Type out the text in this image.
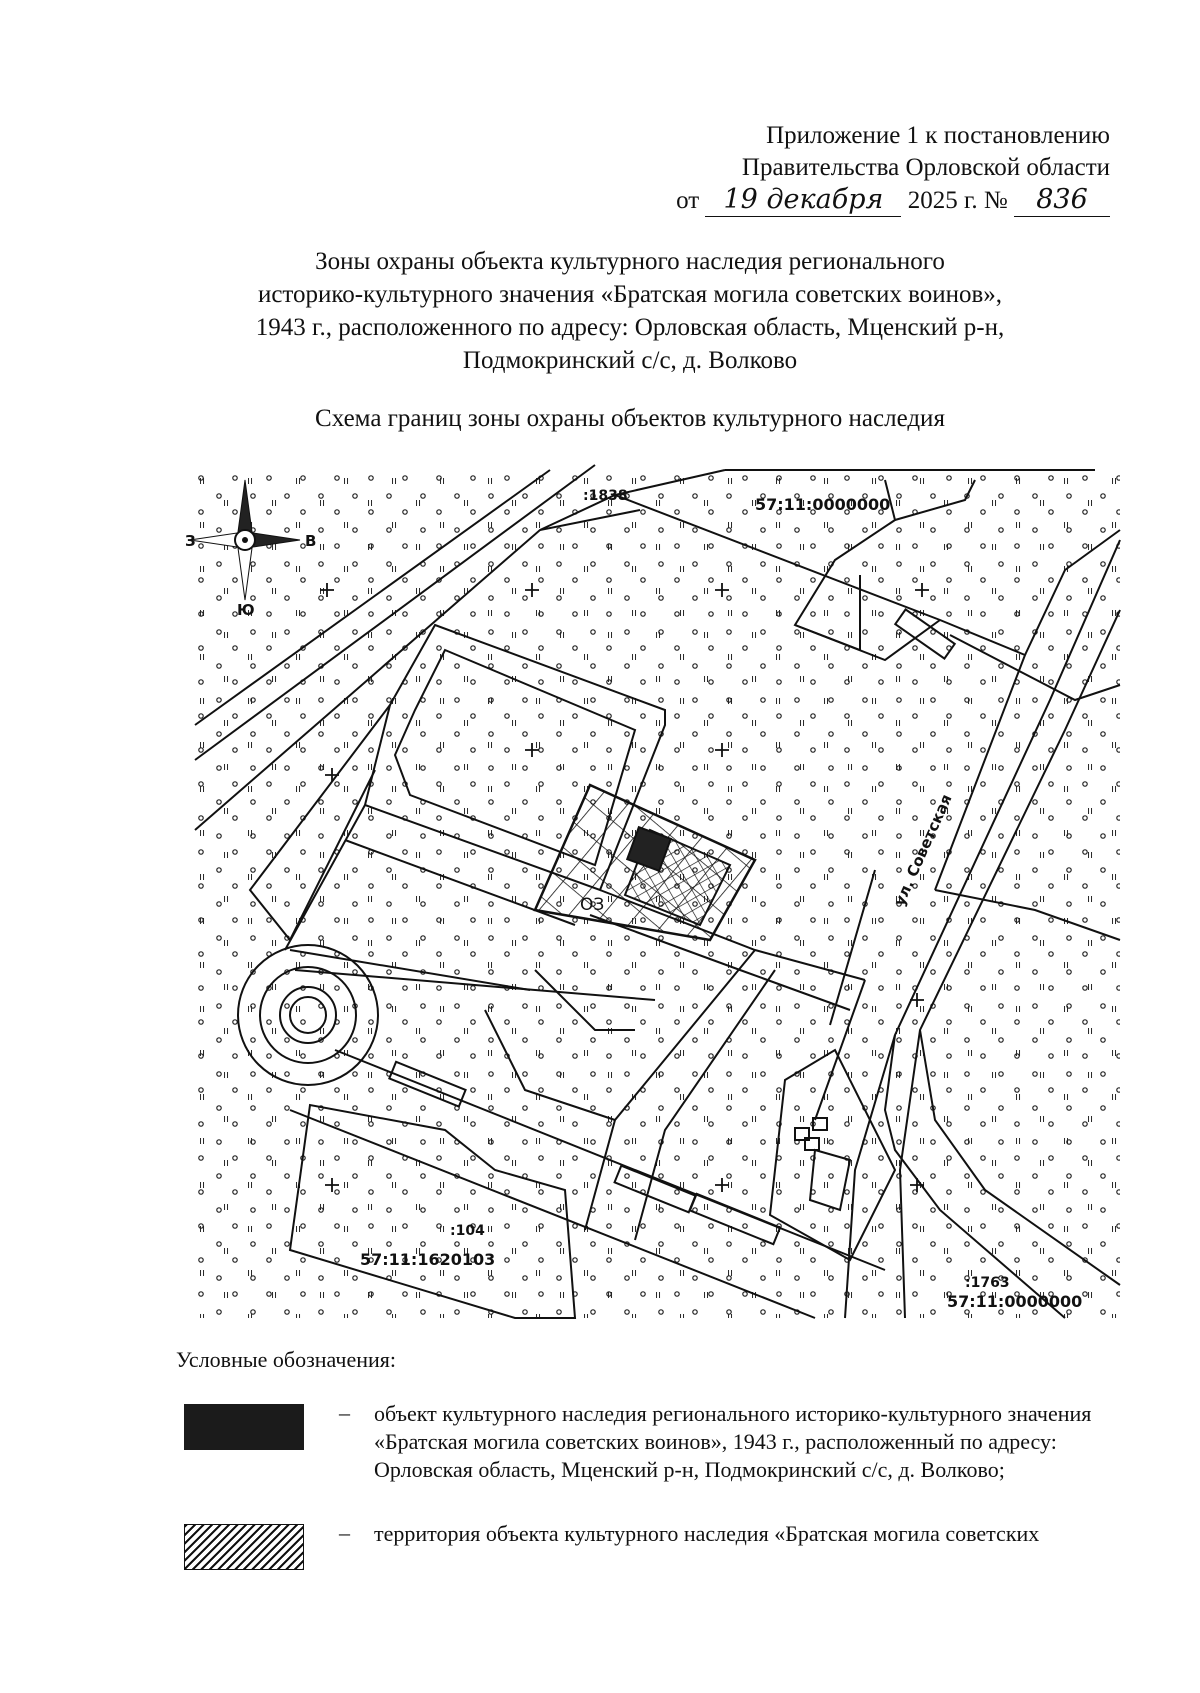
Приложение 1 к постановлению
Правительства Орловской области
от 19 декабря 2025 г. № 836
Зоны охраны объекта культурного наследия регионального
историко-культурного значения «Братская могила советских воинов»,
1943 г., расположенного по адресу: Орловская область, Мценский р-н,
Подмокринский с/с, д. Волково
Схема границ зоны охраны объектов культурного наследия
ОЗ
З	В
Ю
57:11:0000000
:1838
:104
57:11:1620103
:1763
57:11:0000000
ул. Советская
Условные обозначения:
– объект культурного наследия регионального историко-культурного значения «Братская могила советских воинов», 1943 г., расположенный по адресу: Орловская область, Мценский р-н, Подмокринский с/с, д. Волково;
– территория объекта культурного наследия «Братская могила советских
